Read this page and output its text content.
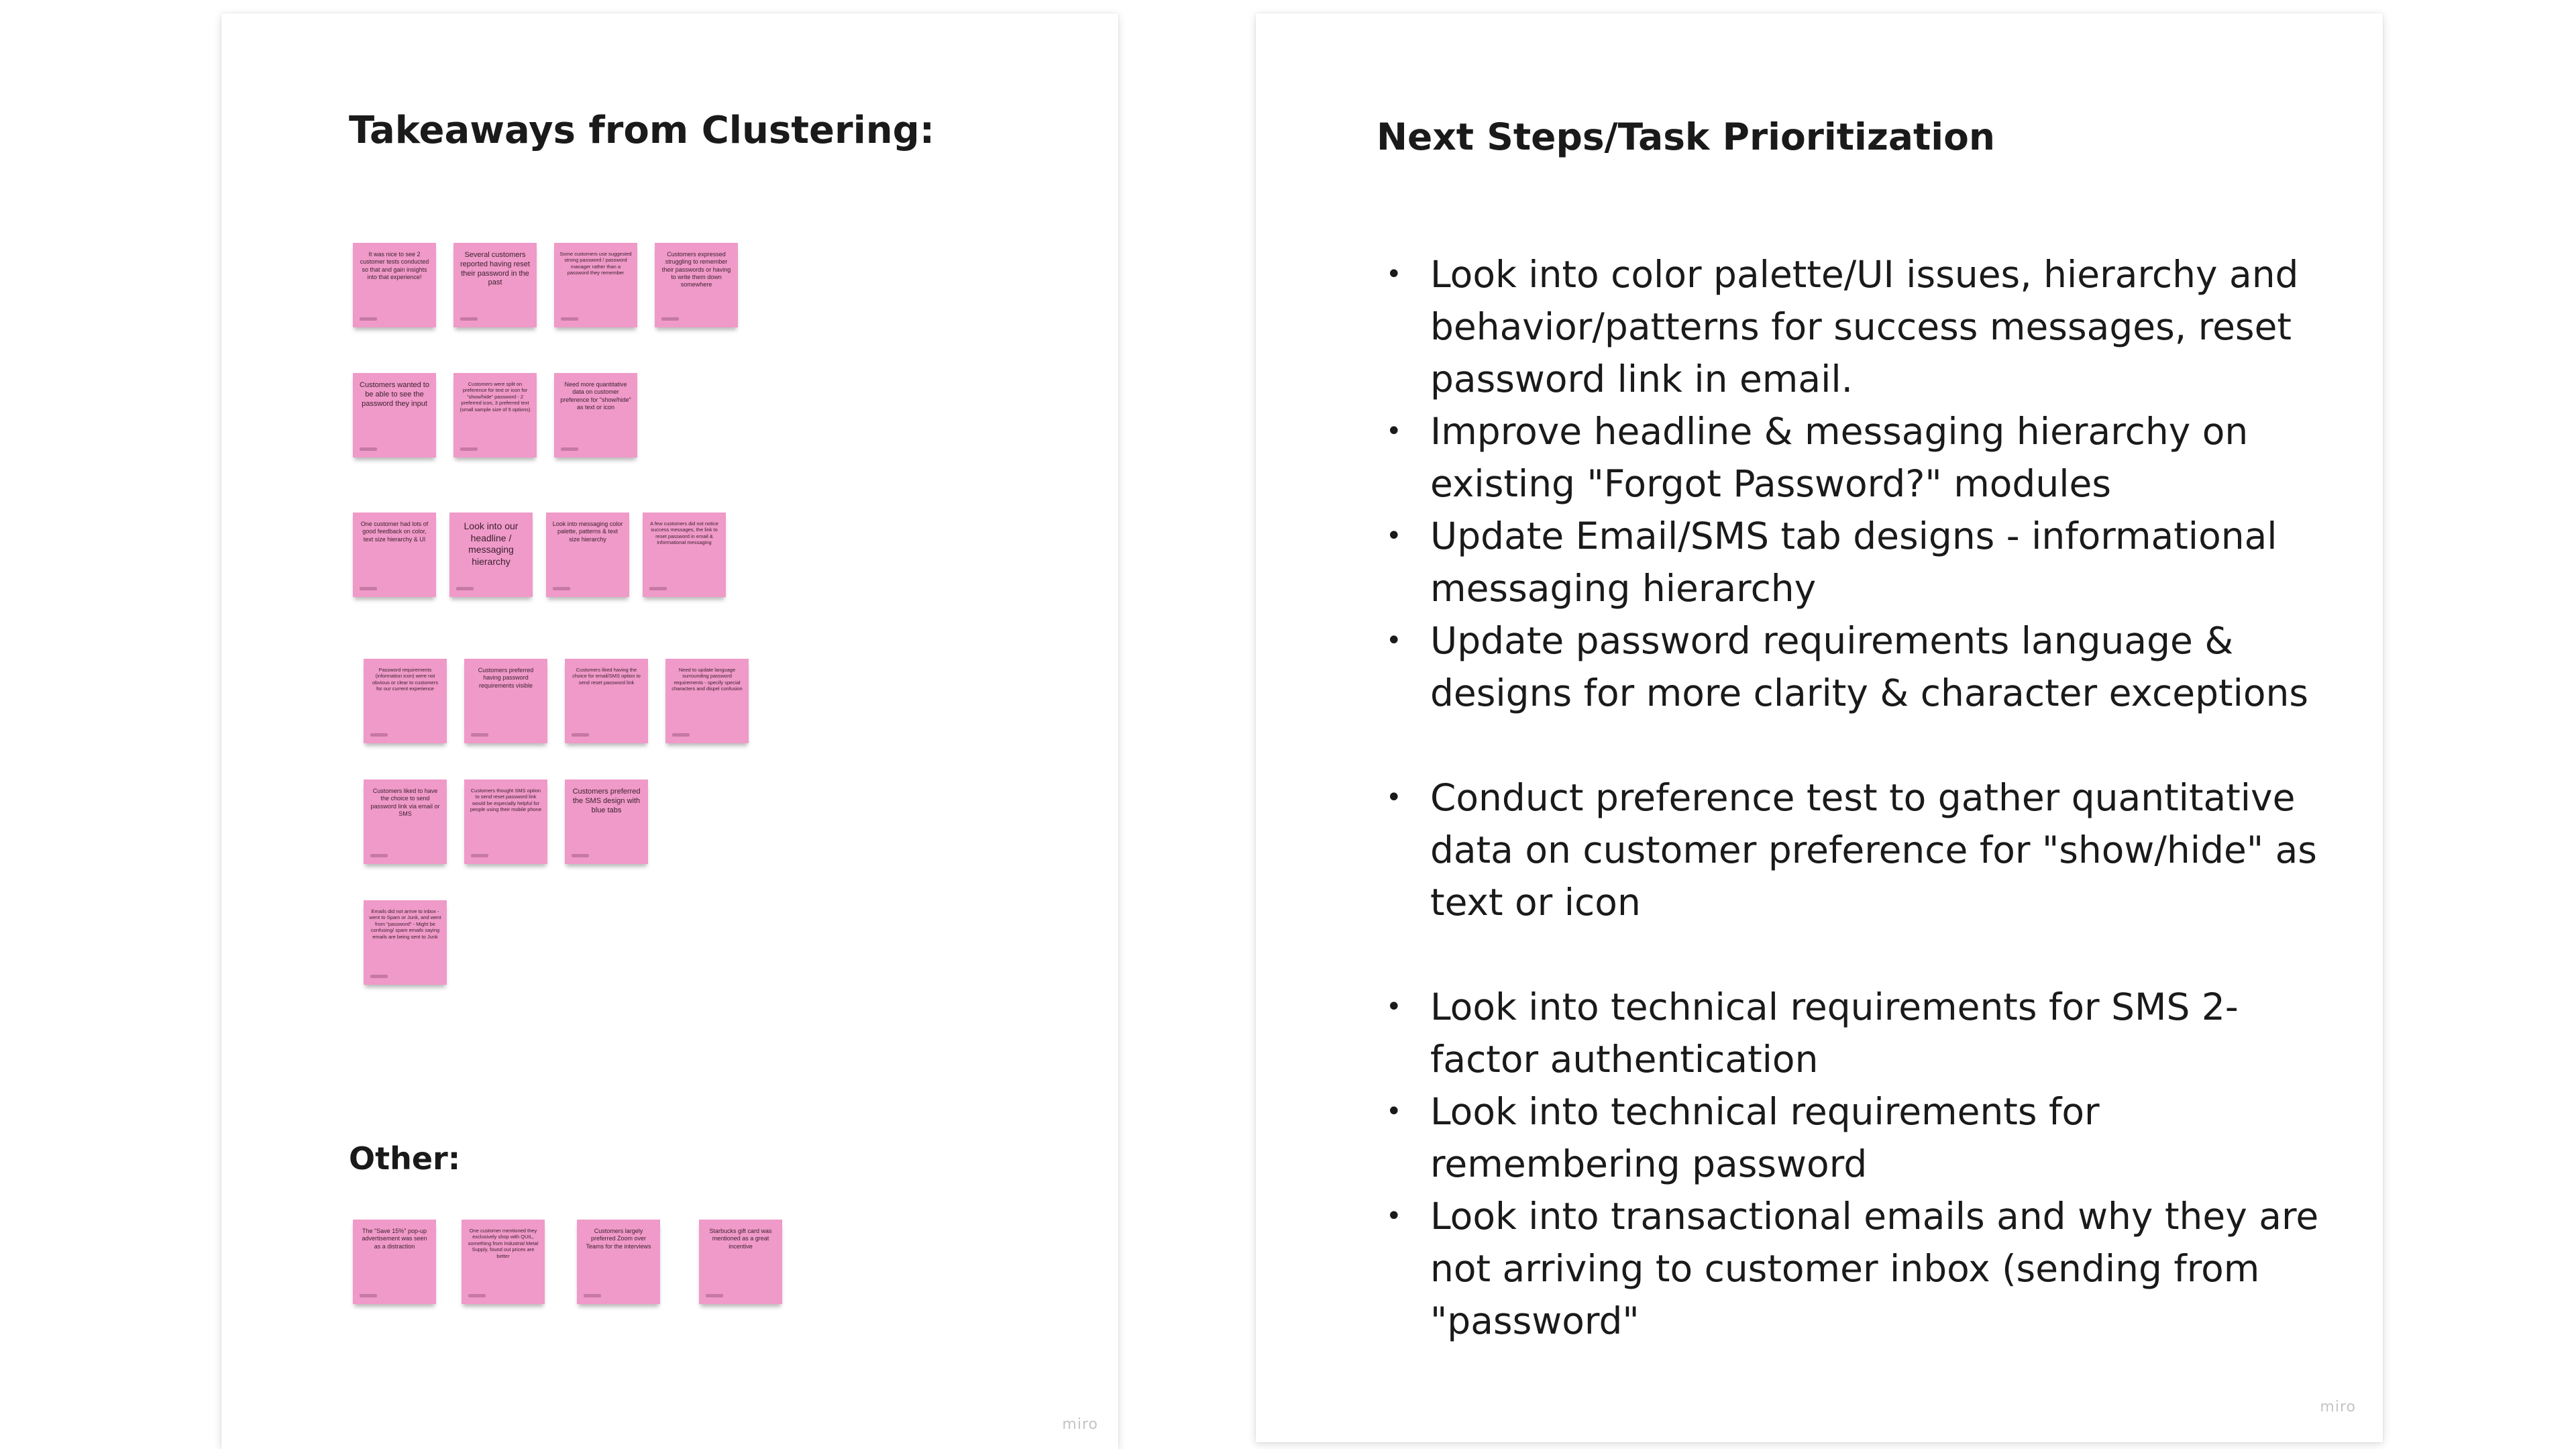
Takeaways from Clustering:
It was nice to see 2 customer tests conducted so that and gain insights into that experience!
Several customers reported having reset their password in the past
Some customers use suggested strong password / password manager rather than a password they remember
Customers expressed struggling to remember their passwords or having to write them down somewhere
Customers wanted to be able to see the password they input
Customers were split on preference for text or icon for "show/hide" password - 2 preferred icon, 3 preferred text (small sample size of 5 options)
Need more quantitative data on customer preference for "show/hide" as text or icon
One customer had lots of good feedback on color, text size hierarchy & UI
Look into our headline / messaging hierarchy
Look into messaging color palette, patterns & text size hierarchy
A few customers did not notice success messages, the link to reset password in email & informational messaging
Password requirements (information icon) were not obvious or clear to customers for our current experience
Customers preferred having password requirements visible
Customers liked having the choice for email/SMS option to send reset password link
Need to update language surrounding password requirements - specify special characters and dispel confusion
Customers liked to have the choice to send password link via email or SMS
Customers thought SMS option to send reset password link would be especially helpful for people using their mobile phone
Customers preferred the SMS design with blue tabs
Emails did not arrive to inbox - went to Spam or Junk, and went from "password" - Might be confusing/ spam emails saying emails are being sent to Junk
Other:
The "Save 15%" pop-up advertisement was seen as a distraction
One customer mentioned they exclusively shop with QUIL, something from Industrial Metal Supply, found out prices are better
Customers largely preferred Zoom over Teams for the interviews
Starbucks gift card was mentioned as a great incentive
miro
Next Steps/Task Prioritization
• Look into color palette/UI issues, hierarchy and behavior/patterns for success messages, reset password link in email.
• Improve headline & messaging hierarchy on existing "Forgot Password?" modules
• Update Email/SMS tab designs - informational messaging hierarchy
• Update password requirements language & designs for more clarity & character exceptions
• Conduct preference test to gather quantitative data on customer preference for "show/hide" as text or icon
• Look into technical requirements for SMS 2-factor authentication
• Look into technical requirements for remembering password
• Look into transactional emails and why they are not arriving to customer inbox (sending from "password"
miro
